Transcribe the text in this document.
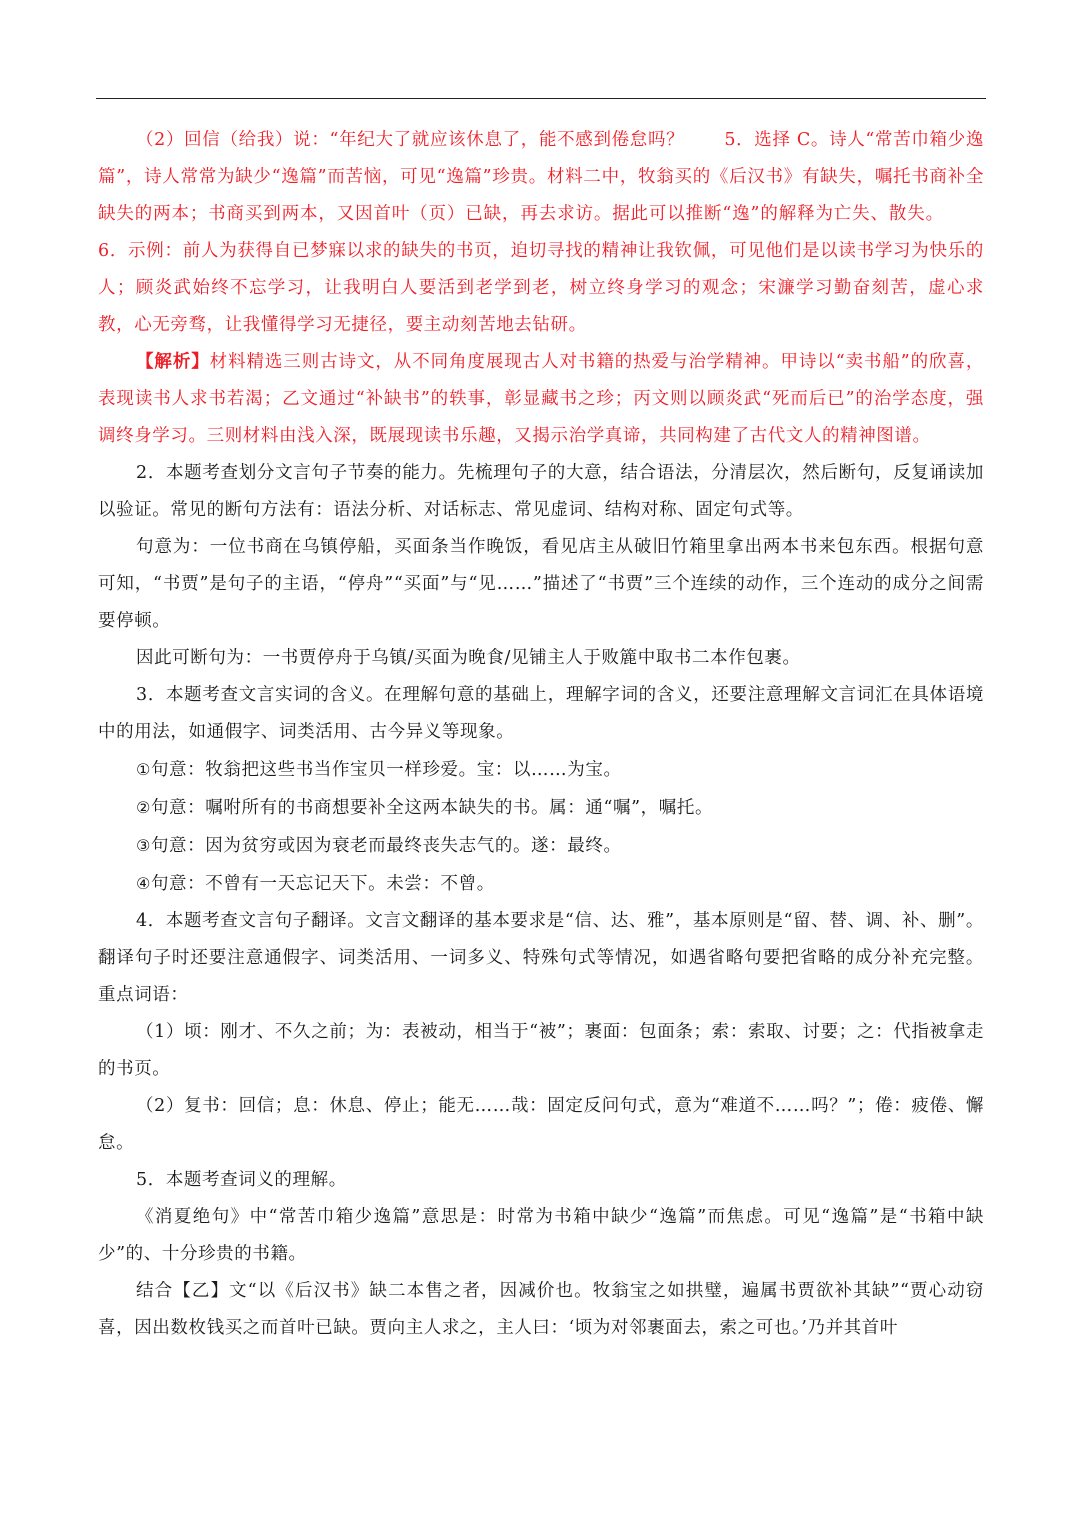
（2）回信（给我）说：“年纪大了就应该休息了，能不感到倦怠吗？ 5．选择 C。诗人“常苦巾箱少逸篇”，诗人常常为缺少“逸篇”而苦恼，可见“逸篇”珍贵。材料二中，牧翁买的《后汉书》有缺失，嘱托书商补全缺失的两本；书商买到两本，又因首叶（页）已缺，再去求访。据此可以推断“逸”的解释为亡失、散失。6．示例：前人为获得自已梦寐以求的缺失的书页，迫切寻找的精神让我钦佩，可见他们是以读书学习为快乐的人；顾炎武始终不忘学习，让我明白人要活到老学到老，树立终身学习的观念；宋濂学习勤奋刻苦，虚心求教，心无旁骛，让我懂得学习无捷径，要主动刻苦地去钻研。

【解析】材料精选三则古诗文，从不同角度展现古人对书籍的热爱与治学精神。甲诗以“卖书船”的欣喜，表现读书人求书若渴；乙文通过“补缺书”的轶事，彰显藏书之珍；丙文则以顾炎武“死而后已”的治学态度，强调终身学习。三则材料由浅入深，既展现读书乐趣，又揭示治学真谛，共同构建了古代文人的精神图谱。

2．本题考查划分文言句子节奏的能力。先梳理句子的大意，结合语法，分清层次，然后断句，反复诵读加以验证。常见的断句方法有：语法分析、对话标志、常见虚词、结构对称、固定句式等。

句意为：一位书商在乌镇停船，买面条当作晚饭，看见店主从破旧竹箱里拿出两本书来包东西。根据句意可知，“书贾”是句子的主语，“停舟”“买面”与“见……”描述了“书贾”三个连续的动作，三个连动的成分之间需要停顿。

因此可断句为：一书贾停舟于乌镇/买面为晚食/见铺主人于败簏中取书二本作包裹。

3．本题考查文言实词的含义。在理解句意的基础上，理解字词的含义，还要注意理解文言词汇在具体语境中的用法，如通假字、词类活用、古今异义等现象。

①句意：牧翁把这些书当作宝贝一样珍爱。宝：以……为宝。

②句意：嘱咐所有的书商想要补全这两本缺失的书。属：通“嘱”，嘱托。

③句意：因为贫穷或因为衰老而最终丧失志气的。遂：最终。

④句意：不曾有一天忘记天下。未尝：不曾。

4．本题考查文言句子翻译。文言文翻译的基本要求是“信、达、雅”，基本原则是“留、替、调、补、删”。翻译句子时还要注意通假字、词类活用、一词多义、特殊句式等情况，如遇省略句要把省略的成分补充完整。重点词语：

（1）顷：刚才、不久之前；为：表被动，相当于“被”；裹面：包面条；索：索取、讨要；之：代指被拿走的书页。

（2）复书：回信；息：休息、停止；能无……哉：固定反问句式，意为“难道不……吗？”；倦：疲倦、懈怠。

5．本题考查词义的理解。

《消夏绝句》中“常苦巾箱少逸篇”意思是：时常为书箱中缺少“逸篇”而焦虑。可见“逸篇”是“书箱中缺少”的、十分珍贵的书籍。

结合【乙】文“以《后汉书》缺二本售之者，因减价也。牧翁宝之如拱璧，遍属书贾欲补其缺”“贾心动窃喜，因出数枚钱买之而首叶已缺。贾向主人求之，主人曰：‘顷为对邻裹面去，索之可也。’乃并其首叶
